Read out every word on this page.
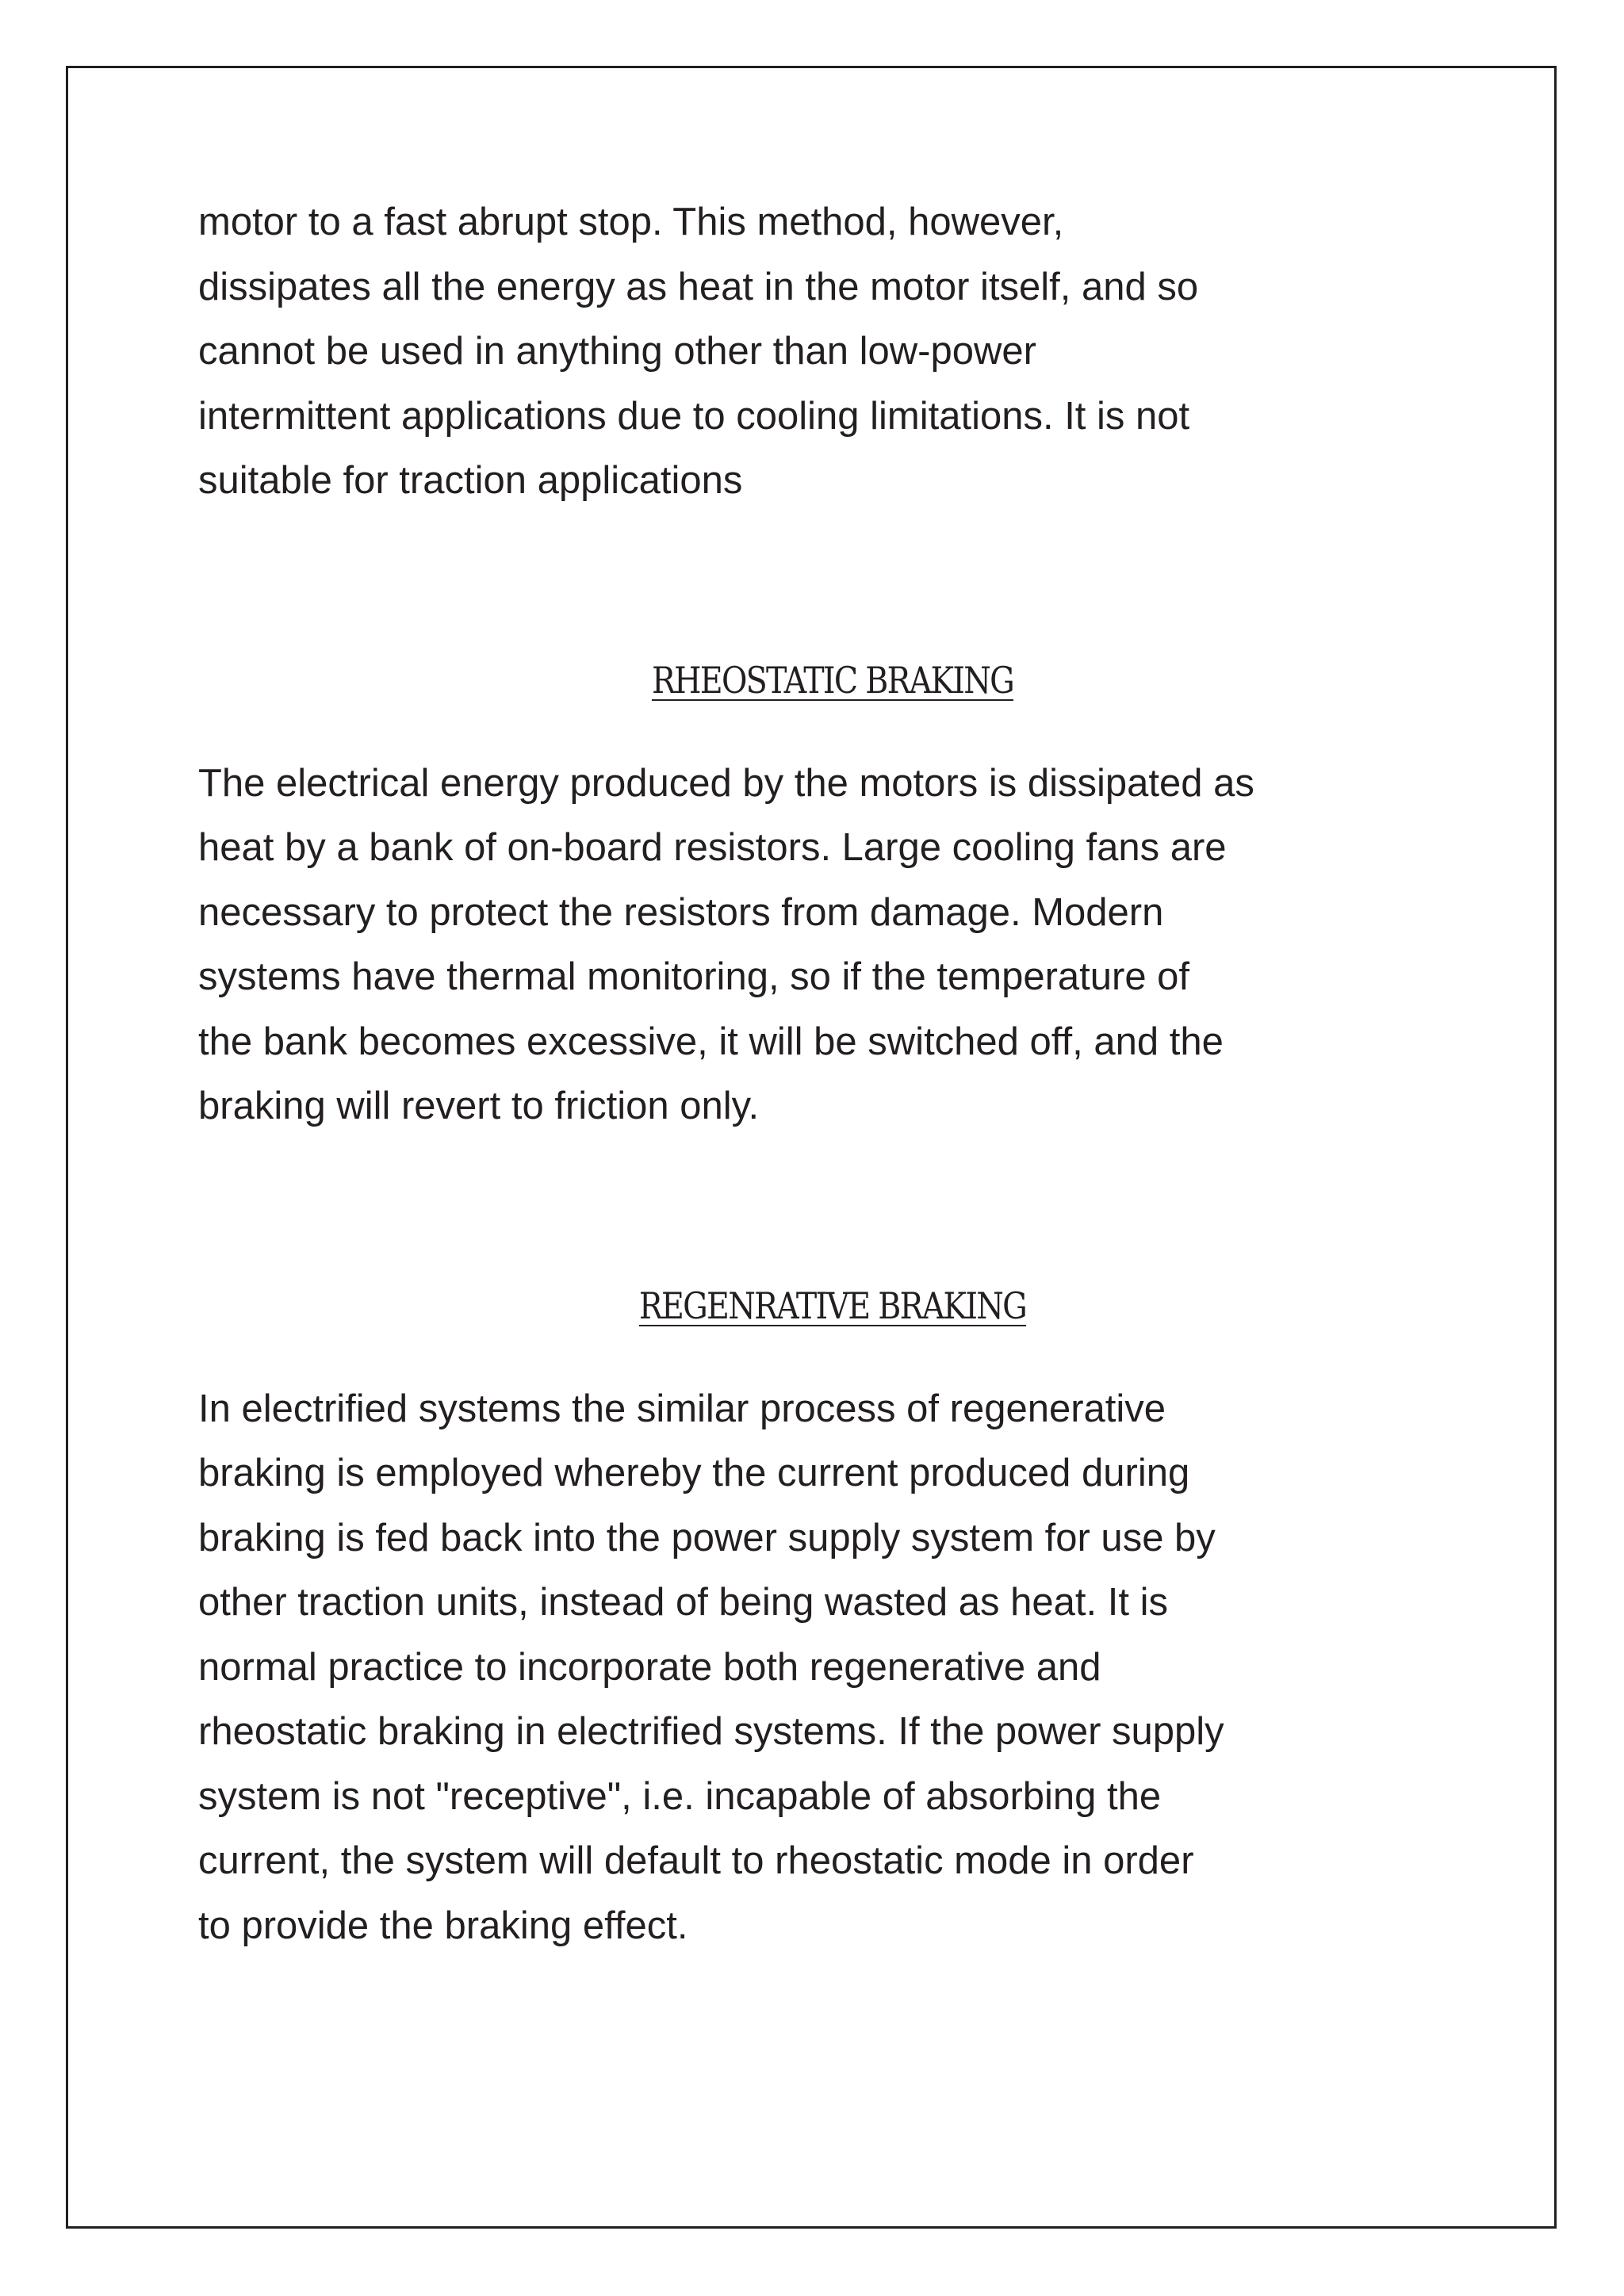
motor to a fast abrupt stop. This method, however,
dissipates all the energy as heat in the motor itself, and so
cannot be used in anything other than low-power
intermittent applications due to cooling limitations. It is not
suitable for traction applications
RHEOSTATIC BRAKING
The electrical energy produced by the motors is dissipated as
heat by a bank of on-board resistors. Large cooling fans are
necessary to protect the resistors from damage. Modern
systems have thermal monitoring, so if the temperature of
the bank becomes excessive, it will be switched off, and the
braking will revert to friction only.
REGENRATIVE BRAKING
In electrified systems the similar process of regenerative
braking is employed whereby the current produced during
braking is fed back into the power supply system for use by
other traction units, instead of being wasted as heat. It is
normal practice to incorporate both regenerative and
rheostatic braking in electrified systems. If the power supply
system is not "receptive", i.e. incapable of absorbing the
current, the system will default to rheostatic mode in order
to provide the braking effect.
